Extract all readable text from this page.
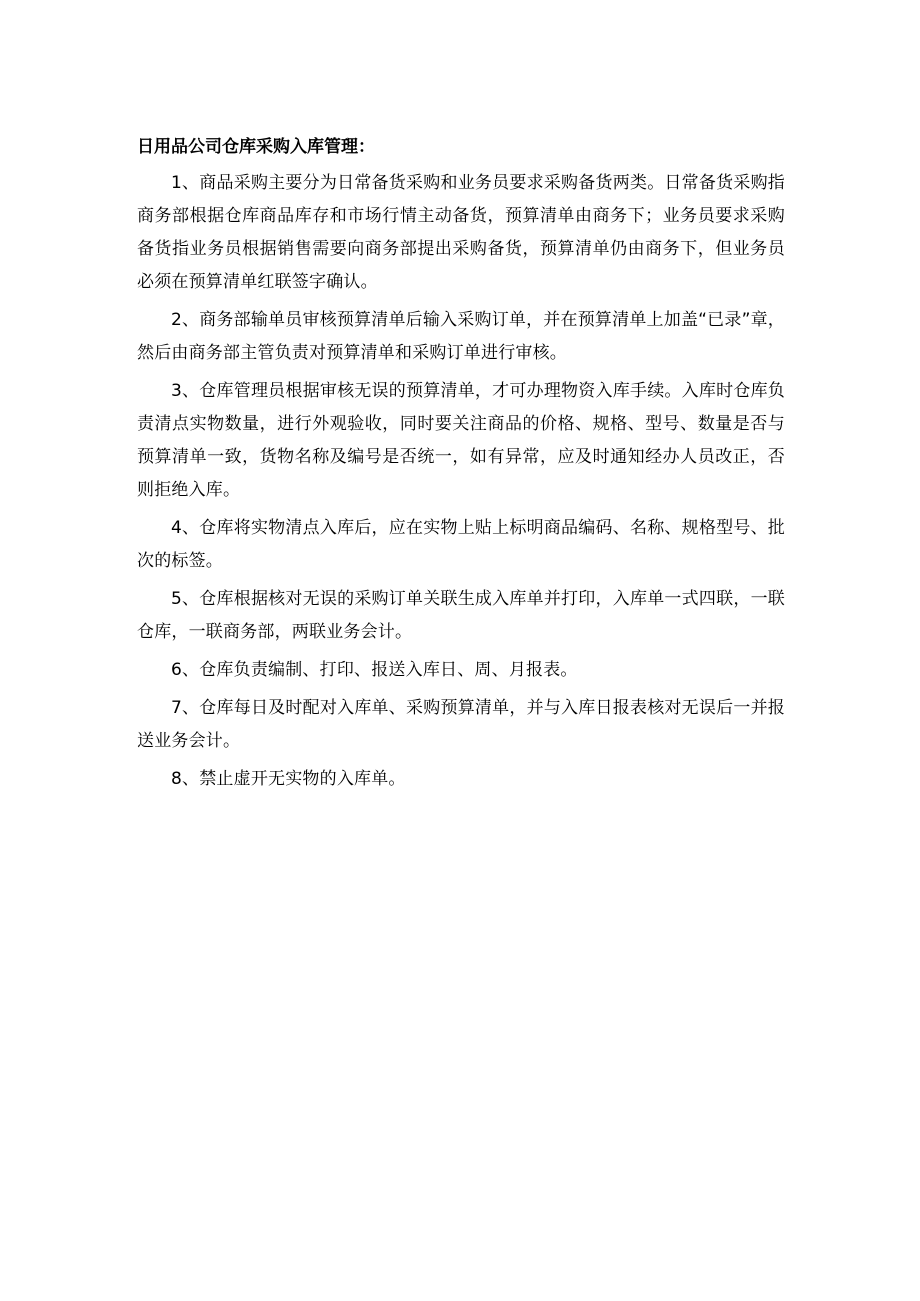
日用品公司仓库采购入库管理：

1、商品采购主要分为日常备货采购和业务员要求采购备货两类。日常备货采购指商务部根据仓库商品库存和市场行情主动备货，预算清单由商务下；业务员要求采购备货指业务员根据销售需要向商务部提出采购备货，预算清单仍由商务下，但业务员必须在预算清单红联签字确认。

2、商务部输单员审核预算清单后输入采购订单，并在预算清单上加盖“已录”章，然后由商务部主管负责对预算清单和采购订单进行审核。

3、仓库管理员根据审核无误的预算清单，才可办理物资入库手续。入库时仓库负责清点实物数量，进行外观验收，同时要关注商品的价格、规格、型号、数量是否与预算清单一致，货物名称及编号是否统一，如有异常，应及时通知经办人员改正，否则拒绝入库。

4、仓库将实物清点入库后，应在实物上贴上标明商品编码、名称、规格型号、批次的标签。

5、仓库根据核对无误的采购订单关联生成入库单并打印，入库单一式四联，一联仓库，一联商务部，两联业务会计。

6、仓库负责编制、打印、报送入库日、周、月报表。

7、仓库每日及时配对入库单、采购预算清单，并与入库日报表核对无误后一并报送业务会计。

8、禁止虚开无实物的入库单。
